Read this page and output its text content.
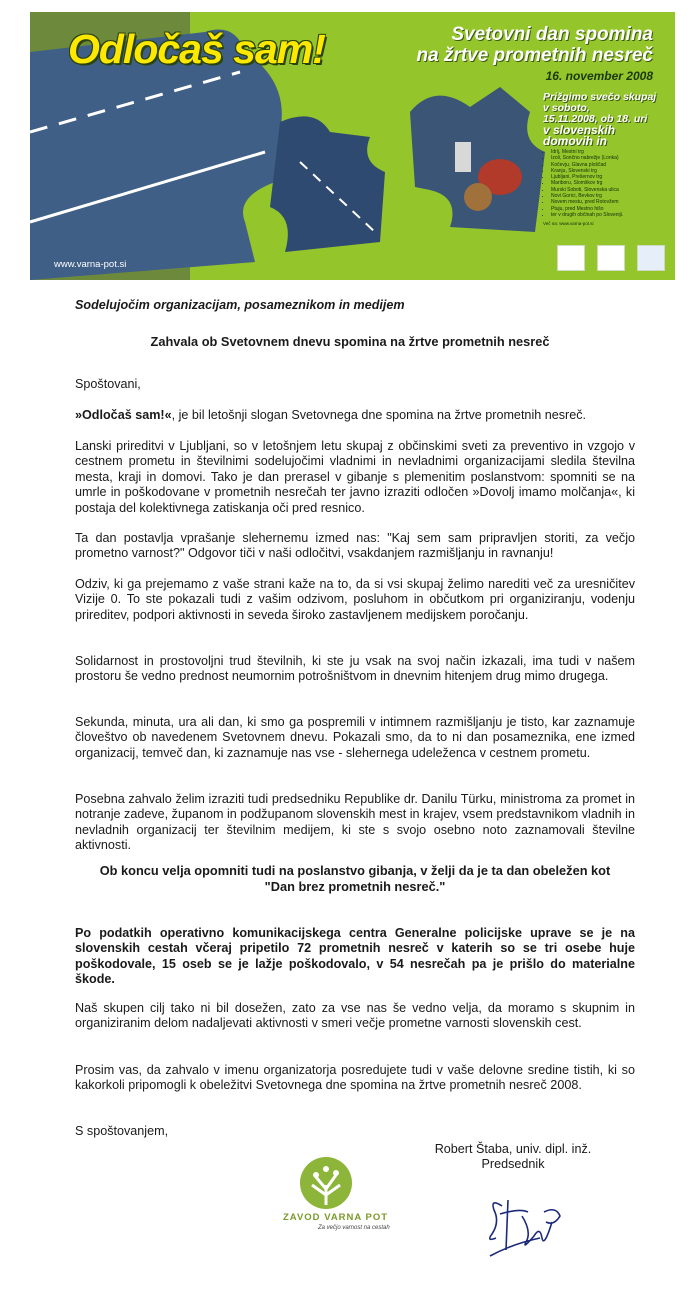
Odločaš sam!	Svetovni dan spomina
na žrtve prometnih nesreč
16. november 2008
Prižgimo svečo skupaj
v soboto,
15.11.2008, ob 18. uri
v slovenskih domovih in
• Idrij, Mestni trg
• Izoli, Sončno nabrežje (Lonka)
• Kočevju, Glavna ploščad
• Kranju, Slovenski trg
• Ljubljani, Prešernov trg
• Mariboru, Slomškov trg
• Murski Soboti, Slovenska ulica
• Novi Gorici, Bevkov trg
• Novem mestu, pred Rotovžem
• Ptuju, pred Mestno hišo
• ter v drugih občinah po Sloveniji.
Več na: www.varna-pot.si
www.varna-pot.si
Sodelujočim organizacijam, posameznikom in medijem
Zahvala ob Svetovnem dnevu spomina na žrtve prometnih nesreč
Spoštovani,
»Odločaš sam!«, je bil letošnji slogan Svetovnega dne spomina na žrtve prometnih nesreč.
Lanski prireditvi v Ljubljani, so v letošnjem letu skupaj z občinskimi sveti za preventivo in vzgojo v cestnem prometu in številnimi sodelujočimi vladnimi in nevladnimi organizacijami sledila številna mesta, kraji in domovi. Tako je dan prerasel v gibanje s plemenitim poslanstvom: spomniti se na umrle in poškodovane v prometnih nesrečah ter javno izraziti odločen »Dovolj imamo molčanja«, ki postaja del kolektivnega zatiskanja oči pred resnico.
Ta dan postavlja vprašanje slehernemu izmed nas: "Kaj sem sam pripravljen storiti, za večjo prometno varnost?" Odgovor tiči v naši odločitvi, vsakdanjem razmišljanju in ravnanju!
Odziv, ki ga prejemamo z vaše strani kaže na to, da si vsi skupaj želimo narediti več za uresničitev Vizije 0. To ste pokazali tudi z vašim odzivom, posluhom in občutkom pri organiziranju, vodenju prireditev, podpori aktivnosti in seveda široko zastavljenem medijskem poročanju.
Solidarnost in prostovoljni trud številnih, ki ste ju vsak na svoj način izkazali, ima tudi v našem prostoru še vedno prednost neumornim potrošništvom in dnevnim hitenjem drug mimo drugega.
Sekunda, minuta, ura ali dan, ki smo ga pospremili v intimnem razmišljanju je tisto, kar zaznamuje človeštvo ob navedenem Svetovnem dnevu. Pokazali smo, da to ni dan posameznika, ene izmed organizacij, temveč dan, ki zaznamuje nas vse - slehernega udeleženca v cestnem prometu.
Posebna zahvalo želim izraziti tudi predsedniku Republike dr. Danilu Türku, ministroma za promet in notranje zadeve, županom in podžupanom slovenskih mest in krajev, vsem predstavnikom vladnih in nevladnih organizacij ter številnim medijem, ki ste s svojo osebno noto zaznamovali številne aktivnosti.
Ob koncu velja opomniti tudi na poslanstvo gibanja, v želji da je ta dan obeležen kot
"Dan brez prometnih nesreč."
Po podatkih operativno komunikacijskega centra Generalne policijske uprave se je na slovenskih cestah včeraj pripetilo 72 prometnih nesreč v katerih so se tri osebe huje poškodovale, 15 oseb se je lažje poškodovalo, v 54 nesrečah pa je prišlo do materialne škode.
Naš skupen cilj tako ni bil dosežen, zato za vse nas še vedno velja, da moramo s skupnim in organiziranim delom nadaljevati aktivnosti v smeri večje prometne varnosti slovenskih cest.
Prosim vas, da zahvalo v imenu organizatorja posredujete tudi v vaše delovne sredine tistih, ki so kakorkoli pripomogli k obeležitvi Svetovnega dne spomina na žrtve prometnih nesreč 2008.
S spoštovanjem,
ZAVOD VARNA POT
Za večjo varnost na cestah
Robert Štaba, univ. dipl. inž.
Predsednik
